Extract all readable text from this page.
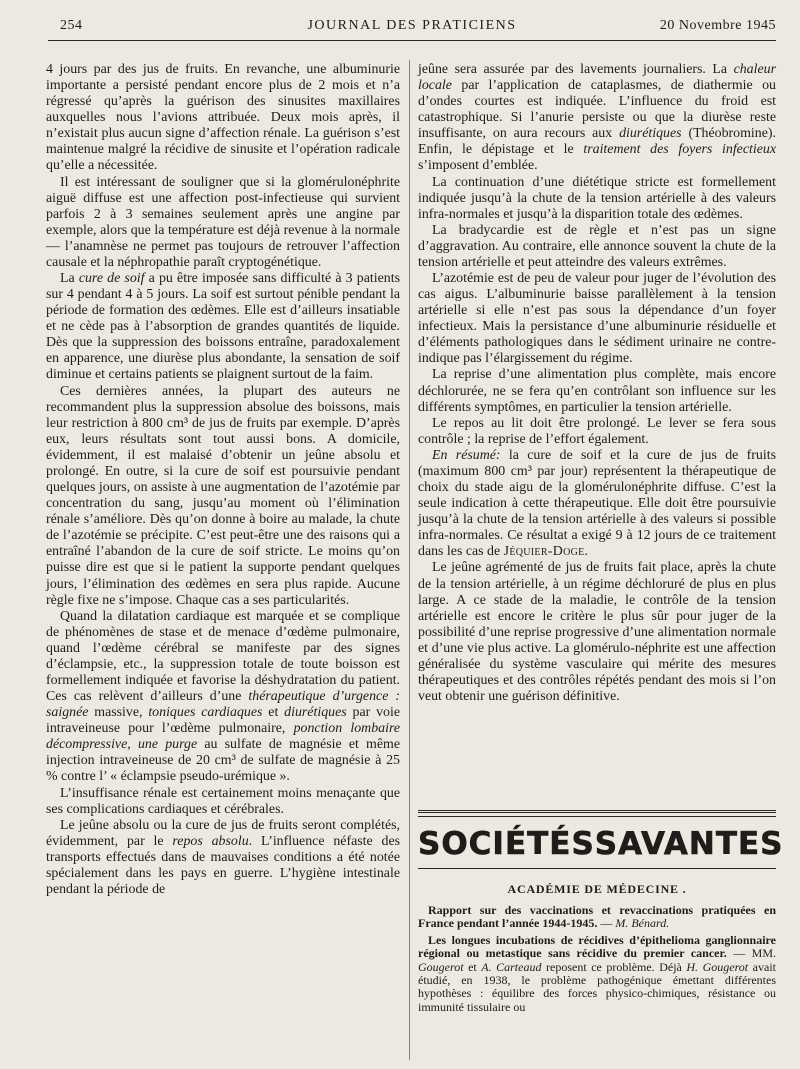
254	JOURNAL DES PRATICIENS	20 Novembre 1945

4 jours par des jus de fruits. En revanche, une albuminurie importante a persisté pendant encore plus de 2 mois et n’a régressé qu’après la guérison des sinusites maxillaires auxquelles nous l’avions attribuée. Deux mois après, il n’existait plus aucun signe d’affection rénale. La guérison s’est maintenue malgré la récidive de sinusite et l’opération radicale qu’elle a nécessitée.

Il est intéressant de souligner que si la glomérulonéphrite aiguë diffuse est une affection post-infectieuse qui survient parfois 2 à 3 semaines seulement après une angine par exemple, alors que la température est déjà revenue à la normale — l’anamnèse ne permet pas toujours de retrouver l’affection causale et la néphropathie paraît cryptogénétique.

La cure de soif a pu être imposée sans difficulté à 3 patients sur 4 pendant 4 à 5 jours. La soif est surtout pénible pendant la période de formation des œdèmes. Elle est d’ailleurs insatiable et ne cède pas à l’absorption de grandes quantités de liquide. Dès que la suppression des boissons entraîne, paradoxalement en apparence, une diurèse plus abondante, la sensation de soif diminue et certains patients se plaignent surtout de la faim.

Ces dernières années, la plupart des auteurs ne recommandent plus la suppression absolue des boissons, mais leur restriction à 800 cm³ de jus de fruits par exemple. D’après eux, leurs résultats sont tout aussi bons. A domicile, évidemment, il est malaisé d’obtenir un jeûne absolu et prolongé. En outre, si la cure de soif est poursuivie pendant quelques jours, on assiste à une augmentation de l’azotémie par concentration du sang, jusqu’au moment où l’élimination rénale s’améliore. Dès qu’on donne à boire au malade, la chute de l’azotémie se précipite. C’est peut-être une des raisons qui a entraîné l’abandon de la cure de soif stricte. Le moins qu’on puisse dire est que si le patient la supporte pendant quelques jours, l’élimination des œdèmes en sera plus rapide. Aucune règle fixe ne s’impose. Chaque cas a ses particularités.

Quand la dilatation cardiaque est marquée et se complique de phénomènes de stase et de menace d’œdème pulmonaire, quand l’œdème cérébral se manifeste par des signes d’éclampsie, etc., la suppression totale de toute boisson est formellement indiquée et favorise la déshydratation du patient. Ces cas relèvent d’ailleurs d’une thérapeutique d’urgence : saignée massive, toniques cardiaques et diurétiques par voie intraveineuse pour l’œdème pulmonaire, ponction lombaire décompressive, une purge au sulfate de magnésie et même injection intraveineuse de 20 cm³ de sulfate de magnésie à 25 % contre l’ « éclampsie pseudo-urémique ».

L’insuffisance rénale est certainement moins menaçante que ses complications cardiaques et cérébrales.

Le jeûne absolu ou la cure de jus de fruits seront complétés, évidemment, par le repos absolu. L’influence néfaste des transports effectués dans de mauvaises conditions a été notée spécialement dans les pays en guerre. L’hygiène intestinale pendant la période de

jeûne sera assurée par des lavements journaliers. La chaleur locale par l’application de cataplasmes, de diathermie ou d’ondes courtes est indiquée. L’influence du froid est catastrophique. Si l’anurie persiste ou que la diurèse reste insuffisante, on aura recours aux diurétiques (Théobromine). Enfin, le dépistage et le traitement des foyers infectieux s’imposent d’emblée.

La continuation d’une diététique stricte est formellement indiquée jusqu’à la chute de la tension artérielle à des valeurs infra-normales et jusqu’à la disparition totale des œdèmes.

La bradycardie est de règle et n’est pas un signe d’aggravation. Au contraire, elle annonce souvent la chute de la tension artérielle et peut atteindre des valeurs extrêmes.

L’azotémie est de peu de valeur pour juger de l’évolution des cas aigus. L’albuminurie baisse parallèlement à la tension artérielle si elle n’est pas sous la dépendance d’un foyer infectieux. Mais la persistance d’une albuminurie résiduelle et d’éléments pathologiques dans le sédiment urinaire ne contre-indique pas l’élargissement du régime.

La reprise d’une alimentation plus complète, mais encore déchlorurée, ne se fera qu’en contrôlant son influence sur les différents symptômes, en particulier la tension artérielle.

Le repos au lit doit être prolongé. Le lever se fera sous contrôle ; la reprise de l’effort également.

En résumé: la cure de soif et la cure de jus de fruits (maximum 800 cm³ par jour) représentent la thérapeutique de choix du stade aigu de la glomérulonéphrite diffuse. C’est la seule indication à cette thérapeutique. Elle doit être poursuivie jusqu’à la chute de la tension artérielle à des valeurs si possible infra-normales. Ce résultat a exigé 9 à 12 jours de ce traitement dans les cas de Jéquier-Doge.

Le jeûne agrémenté de jus de fruits fait place, après la chute de la tension artérielle, à un régime déchloruré de plus en plus large. A ce stade de la maladie, le contrôle de la tension artérielle est encore le critère le plus sûr pour juger de la possibilité d’une reprise progressive d’une alimentation normale et d’une vie plus active. La glomérulo-néphrite est une affection généralisée du système vasculaire qui mérite des mesures thérapeutiques et des contrôles répétés pendant des mois si l’on veut obtenir une guérison définitive.

SOCIÉTÉS SAVANTES
ACADÉMIE DE MÉDECINE .

Rapport sur des vaccinations et revaccinations pratiquées en France pendant l’année 1944-1945. — M. Bénard.

Les longues incubations de récidives d’épithelioma ganglionnaire régional ou metastique sans récidive du premier cancer. — MM. Gougerot et A. Carteaud reposent ce problème. Déjà H. Gougerot avait étudié, en 1938, le problème pathogénique émettant différentes hypothèses : équilibre des forces physico-chimiques, résistance ou immunité tissulaire ou
